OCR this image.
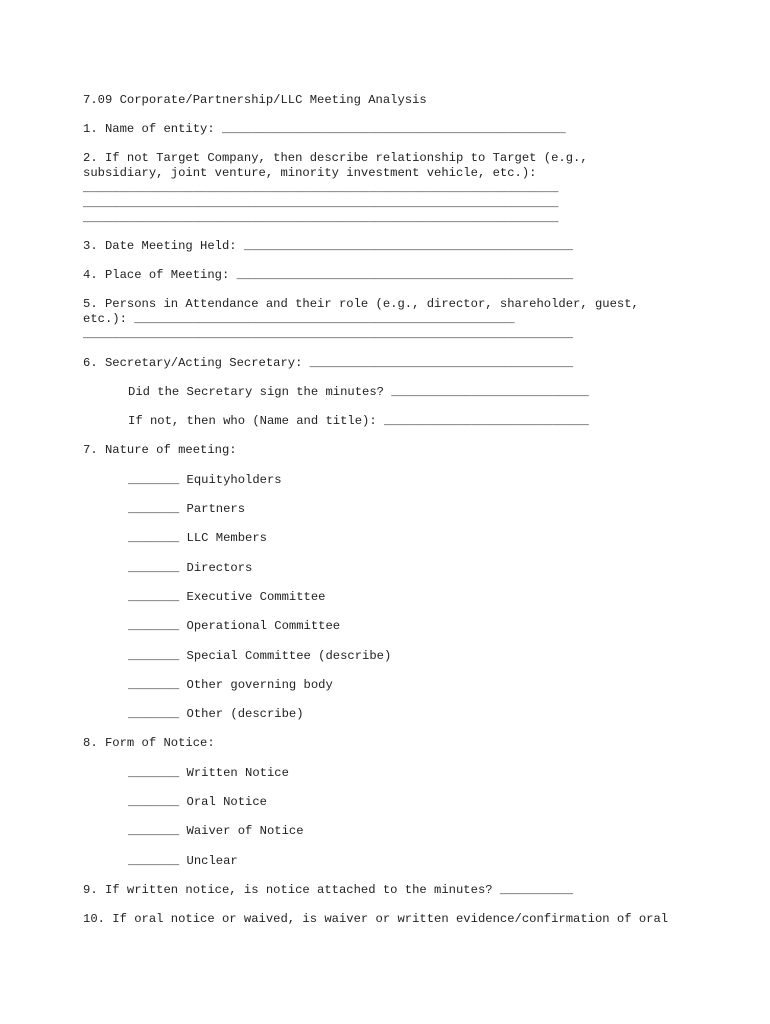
7.09 Corporate/Partnership/LLC Meeting Analysis

1. Name of entity: _______________________________________________

2. If not Target Company, then describe relationship to Target (e.g.,

subsidiary, joint venture, minority investment vehicle, etc.):

_________________________________________________________________

_________________________________________________________________

_________________________________________________________________

3. Date Meeting Held: _____________________________________________

4. Place of Meeting: ______________________________________________

5. Persons in Attendance and their role (e.g., director, shareholder, guest,

etc.): ____________________________________________________

___________________________________________________________________

6. Secretary/Acting Secretary: ____________________________________

Did the Secretary sign the minutes? ___________________________

If not, then who (Name and title): ____________________________

7. Nature of meeting:

_______ Equityholders

_______ Partners

_______ LLC Members

_______ Directors

_______ Executive Committee

_______ Operational Committee

_______ Special Committee (describe)

_______ Other governing body

_______ Other (describe)

8. Form of Notice:

_______ Written Notice

_______ Oral Notice

_______ Waiver of Notice

_______ Unclear

9. If written notice, is notice attached to the minutes? __________

10. If oral notice or waived, is waiver or written evidence/confirmation of oral
